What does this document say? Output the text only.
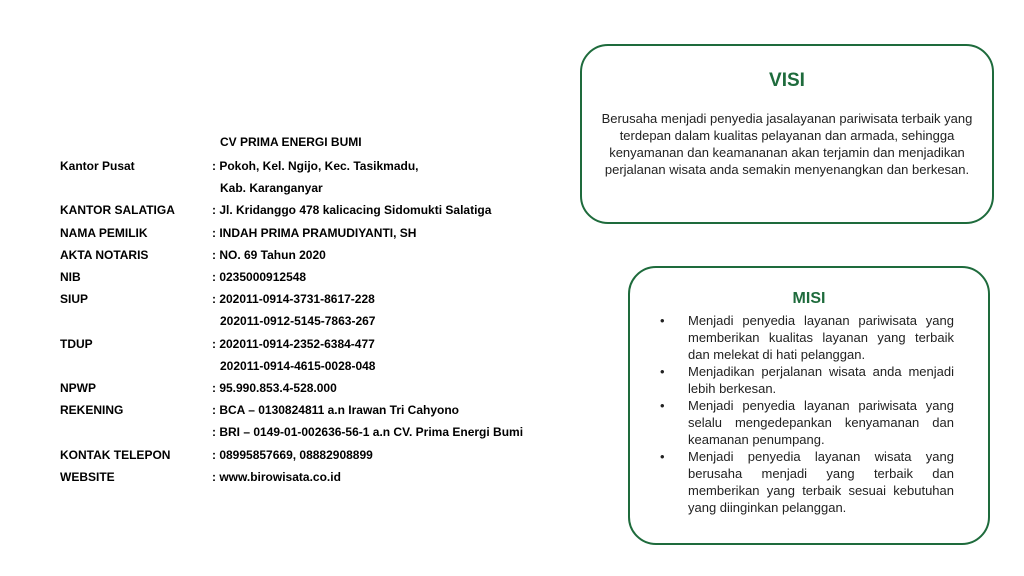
CV PRIMA ENERGI BUMI
Kantor Pusat	: Pokoh, Kel. Ngijo, Kec. Tasikmadu,
Kab. Karanganyar
KANTOR SALATIGA	: Jl. Kridanggo 478 kalicacing Sidomukti Salatiga
NAMA PEMILIK	: INDAH PRIMA PRAMUDIYANTI, SH
AKTA NOTARIS	: NO. 69 Tahun 2020
NIB	: 0235000912548
SIUP	: 202011-0914-3731-8617-228
202011-0912-5145-7863-267
TDUP	: 202011-0914-2352-6384-477
202011-0914-4615-0028-048
NPWP	: 95.990.853.4-528.000
REKENING	: BCA – 0130824811 a.n Irawan Tri Cahyono
: BRI – 0149-01-002636-56-1 a.n CV. Prima Energi Bumi
KONTAK TELEPON	: 08995857669, 08882908899
WEBSITE	: www.birowisata.co.id
VISI
Berusaha menjadi penyedia jasalayanan pariwisata terbaik yang terdepan dalam kualitas pelayanan dan armada, sehingga kenyamanan dan keamananan akan terjamin dan menjadikan perjalanan wisata anda semakin menyenangkan dan berkesan.
MISI
• Menjadi penyedia layanan pariwisata yang memberikan kualitas layanan yang terbaik dan melekat di hati pelanggan.
• Menjadikan perjalanan wisata anda menjadi lebih berkesan.
• Menjadi penyedia layanan pariwisata yang selalu mengedepankan kenyamanan dan keamanan penumpang.
• Menjadi penyedia layanan wisata yang berusaha menjadi yang terbaik dan memberikan yang terbaik sesuai kebutuhan yang diinginkan pelanggan.
